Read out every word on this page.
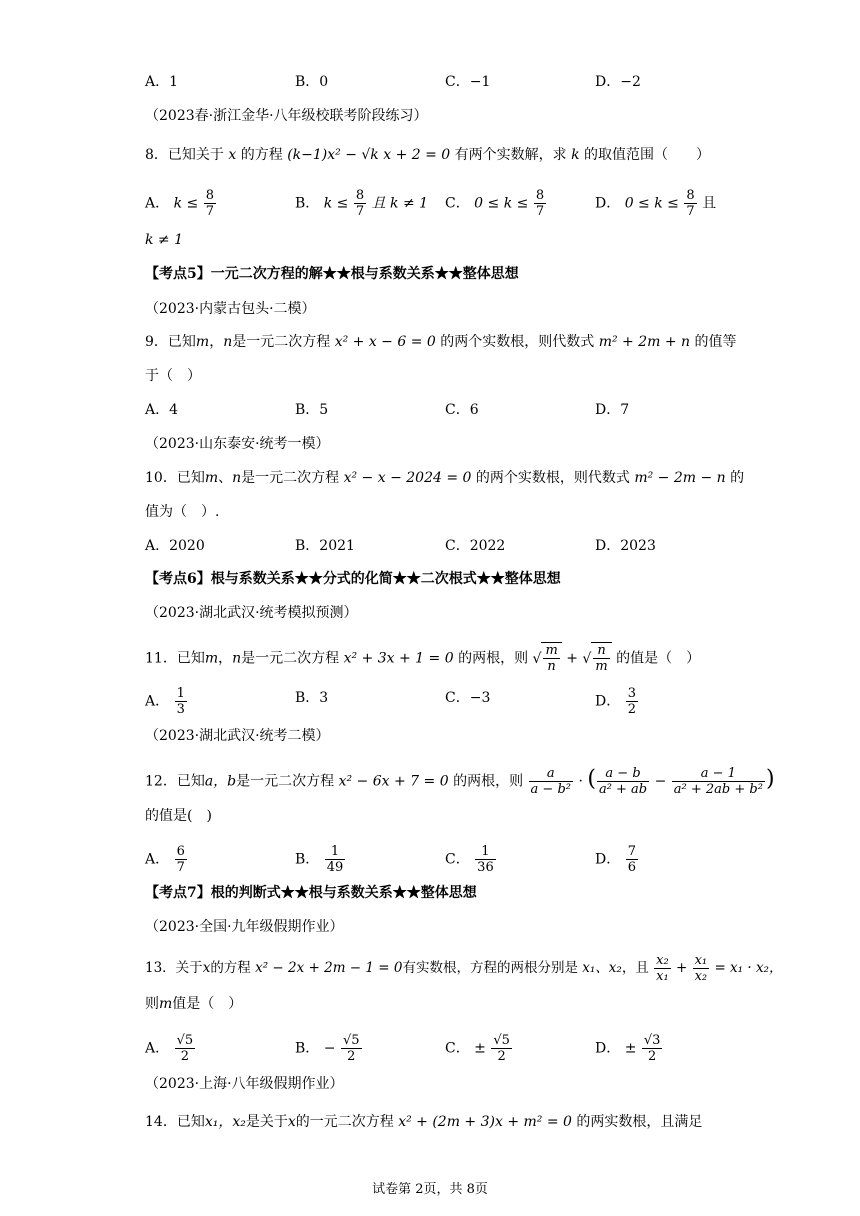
A．1	B．0	C．−1	D．−2
（2023春·浙江金华·八年级校联考阶段练习）
8．已知关于 x 的方程 (k−1)x² − √k x + 2 = 0 有两个实数解，求 k 的取值范围（　　）
A． $k \le \frac{8}{7}$	B． $k \le \frac{8}{7}$ 且 k ≠ 1 C． $0 \le k \le \frac{8}{7}$	D． $0 \le k \le \frac{8}{7}$ 且
k ≠ 1
【考点5】一元二次方程的解★★根与系数关系★★整体思想
（2023·内蒙古包头·二模）
9．已知m，n是一元二次方程 x² + x − 6 = 0 的两个实数根，则代数式 m² + 2m + n 的值等
于（　）
A．4	B．5	C．6	D．7
（2023·山东泰安·统考一模）
10．已知m、n是一元二次方程 x² − x − 2024 = 0 的两个实数根，则代数式 m² − 2m − n 的
值为（　）.
A．2020	B．2021	C．2022	D．2023
【考点6】根与系数关系★★分式的化简★★二次根式★★整体思想
（2023·湖北武汉·统考模拟预测）
11．已知m，n是一元二次方程 x² + 3x + 1 = 0 的两根，则 √ $\frac{m}{n}$ + √ $\frac{n}{m}$ 的值是（　）
A． $\frac{1}{3}$	B．3	C．−3	D． $\frac{3}{2}$
（2023·湖北武汉·统考二模）
12．已知a，b是一元二次方程 x² − 6x + 7 = 0 的两根，则 $\frac{a}{\text{a − b²}}$ · ( $\frac{a - b}{\text{a² + ab}} - \frac{a - 1}{\text{a² + 2ab + b²}}$ )
的值是(　)
A． $\frac{6}{7}$	B． $\frac{1}{49}$	C． $\frac{1}{36}$	D． $\frac{7}{6}$
【考点7】根的判断式★★根与系数关系★★整体思想
（2023·全国·九年级假期作业）
13．关于x的方程 x² − 2x + 2m − 1 = 0有实数根，方程的两根分别是 x₁、x₂，且 $\frac{\text{x₂}}{\text{x₁}} + \frac{\text{x₁}}{\text{x₂}} = x_1 \cdot x_2$，
则m值是（　）
A． $\frac{√5}{2}$	B． − $\frac{√5}{2}$	C． ± $\frac{√5}{2}$	D． ± $\frac{√3}{2}$
（2023·上海·八年级假期作业）
14．已知x₁，x₂是关于x的一元二次方程 x² + (2m + 3)x + m² = 0 的两实数根，且满足
试卷第 2页，共 8页
